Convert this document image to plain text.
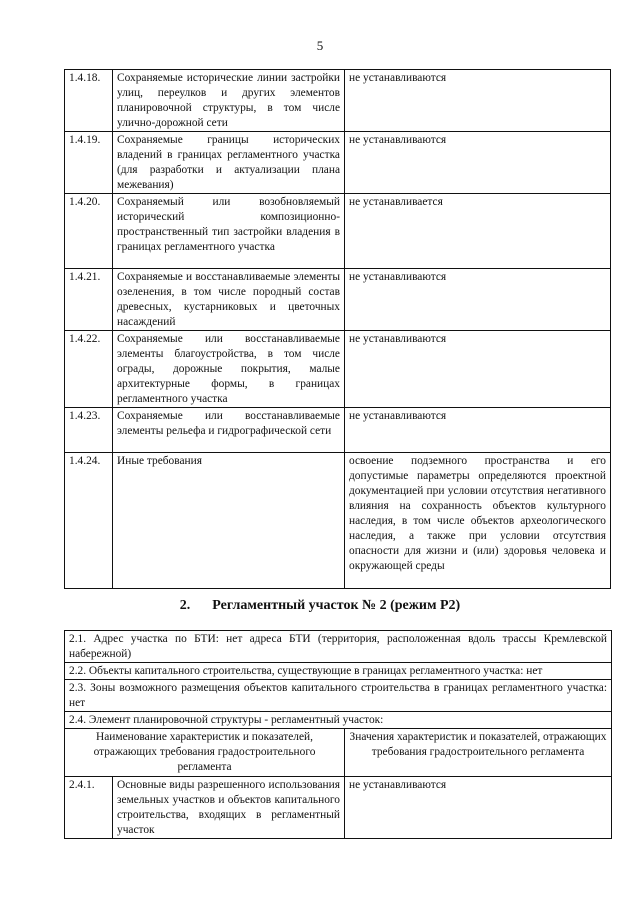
5
1.4.18.	Сохраняемые исторические линии застройки улиц, переулков и других элементов планировочной структуры, в том числе улично-дорожной сети	не устанавливаются
1.4.19.	Сохраняемые границы исторических владений в границах регламентного участка (для разработки и актуализации плана межевания)	не устанавливаются
1.4.20.	Сохраняемый или возобновляемый исторический композиционно-пространственный тип застройки владения в границах регламентного участка	не устанавливается
1.4.21.	Сохраняемые и восстанавливаемые элементы озеленения, в том числе породный состав древесных, кустарниковых и цветочных насаждений	не устанавливаются
1.4.22.	Сохраняемые или восстанавливаемые элементы благоустройства, в том числе ограды, дорожные покрытия, малые архитектурные формы, в границах регламентного участка	не устанавливаются
1.4.23.	Сохраняемые или восстанавливаемые элементы рельефа и гидрографической сети	не устанавливаются
1.4.24.	Иные требования	освоение подземного пространства и его допустимые параметры определяются проектной документацией при условии отсутствия негативного влияния на сохранность объектов культурного наследия, в том числе объектов археологического наследия, а также при условии отсутствия опасности для жизни и (или) здоровья человека и окружающей среды
2. Регламентный участок № 2 (режим Р2)
2.1. Адрес участка по БТИ: нет адреса БТИ (территория, расположенная вдоль трассы Кремлевской набережной)		
2.2. Объекты капитального строительства, существующие в границах регламентного участка: нет		
2.3. Зоны возможного размещения объектов капитального строительства в границах регламентного участка: нет		
2.4. Элемент планировочной структуры - регламентный участок:		
Наименование характеристик и показателей, отражающих требования градостроительного регламента		Значения характеристик и показателей, отражающих требования градостроительного регламента
2.4.1.	Основные виды разрешенного использования земельных участков и объектов капитального строительства, входящих в регламентный участок	не устанавливаются
